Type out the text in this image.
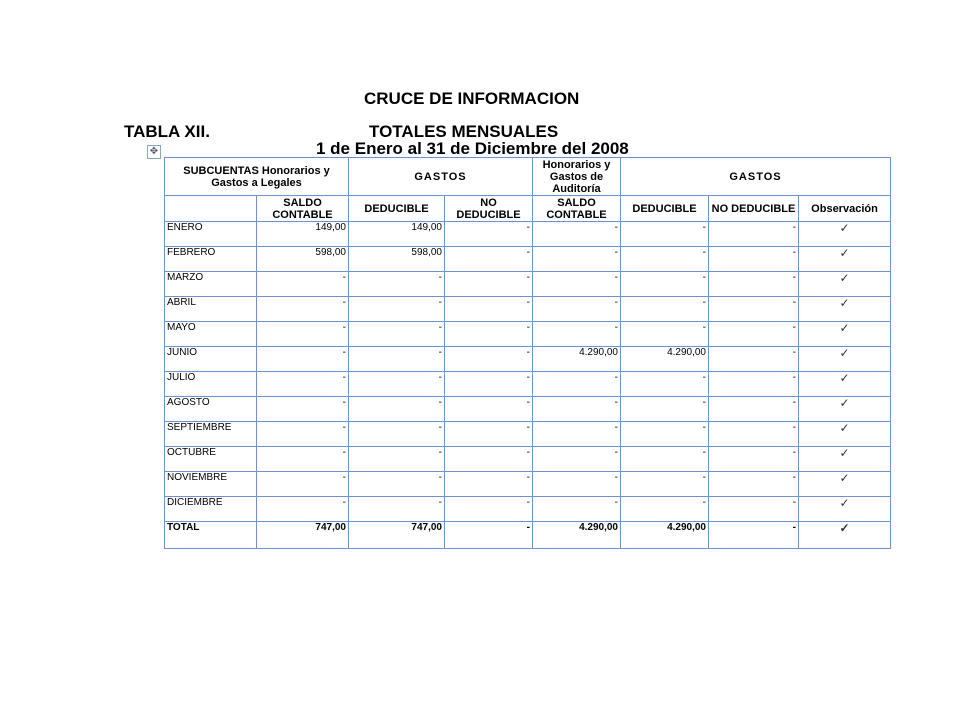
CRUCE DE INFORMACION
TABLA XII.	TOTALES MENSUALES
1 de Enero al 31 de Diciembre del 2008
✥
SUBCUENTAS Honorarios y Gastos a Legales		GASTOS		Honorarios y Gastos de Auditoría	GASTOS		
	SALDO CONTABLE	DEDUCIBLE	NO DEDUCIBLE	SALDO CONTABLE	DEDUCIBLE	NO DEDUCIBLE	Observación
ENERO	149,00	149,00	-	-	-	-	✓
FEBRERO	598,00	598,00	-	-	-	-	✓
MARZO	-	-	-	-	-	-	✓
ABRIL	-	-	-	-	-	-	✓
MAYO	-	-	-	-	-	-	✓
JUNIO	-	-	-	4.290,00	4.290,00	-	✓
JULIO	-	-	-	-	-	-	✓
AGOSTO	-	-	-	-	-	-	✓
SEPTIEMBRE	-	-	-	-	-	-	✓
OCTUBRE	-	-	-	-	-	-	✓
NOVIEMBRE	-	-	-	-	-	-	✓
DICIEMBRE	-	-	-	-	-	-	✓
TOTAL	747,00	747,00	-	4.290,00	4.290,00	-	✓
. . . . . . . . . . . . . . . . . . . . . . . . . . . . .
